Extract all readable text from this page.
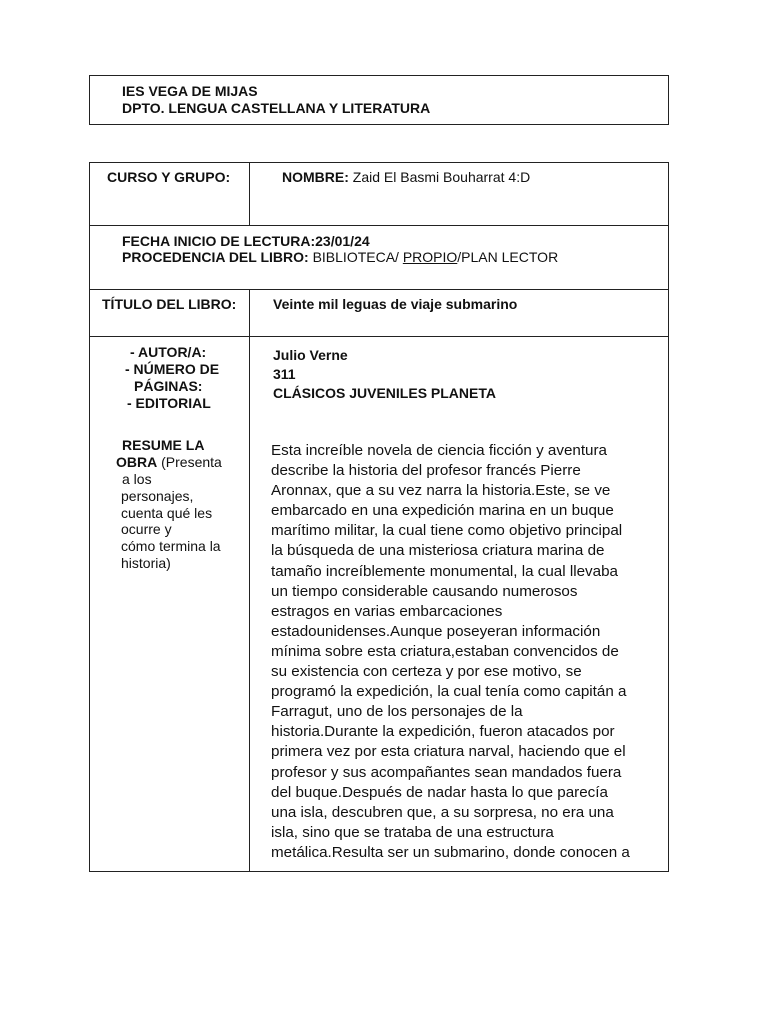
IES VEGA DE MIJAS
DPTO. LENGUA CASTELLANA Y LITERATURA
CURSO Y GRUPO:	NOMBRE: Zaid El Basmi Bouharrat 4:D
FECHA INICIO DE LECTURA:23/01/24
PROCEDENCIA DEL LIBRO: BIBLIOTECA/ PROPIO/PLAN LECTOR
TÍTULO DEL LIBRO:	Veinte mil leguas de viaje submarino
- AUTOR/A:
- NÚMERO DE
PÁGINAS:
- EDITORIAL
RESUME LA
OBRA (Presenta
a los
personajes,
cuenta qué les
ocurre y
cómo termina la
historia)
Julio Verne
311
CLÁSICOS JUVENILES PLANETA

Esta increíble novela de ciencia ficción y aventura

describe la historia del profesor francés Pierre

Aronnax, que a su vez narra la historia.Este, se ve

embarcado en una expedición marina en un buque

marítimo militar, la cual tiene como objetivo principal

la búsqueda de una misteriosa criatura marina de

tamaño increíblemente monumental, la cual llevaba

un tiempo considerable causando numerosos

estragos en varias embarcaciones

estadounidenses.Aunque poseyeran información

mínima sobre esta criatura,estaban convencidos de

su existencia con certeza y por ese motivo, se

programó la expedición, la cual tenía como capitán a

Farragut, uno de los personajes de la

historia.Durante la expedición, fueron atacados por

primera vez por esta criatura narval, haciendo que el

profesor y sus acompañantes sean mandados fuera

del buque.Después de nadar hasta lo que parecía

una isla, descubren que, a su sorpresa, no era una

isla, sino que se trataba de una estructura

metálica.Resulta ser un submarino, donde conocen a
